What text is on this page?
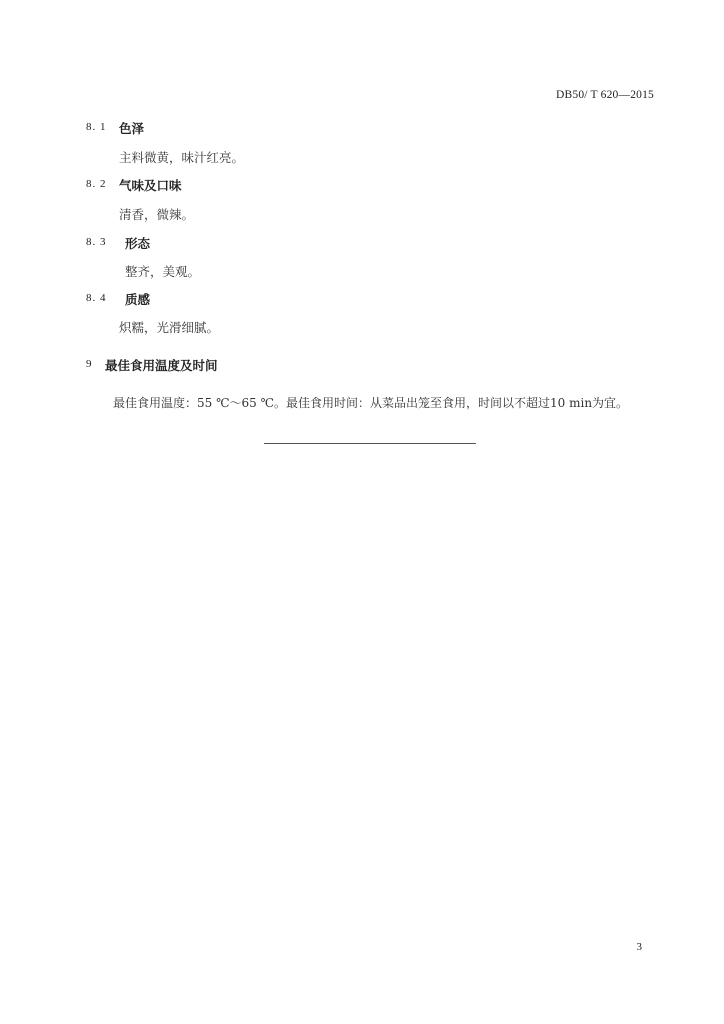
DB50/ T 620—2015
8. 1 色泽
主料微黄，味汁红亮。
8. 2 气味及口味
清香，微辣。
8. 3 形态
整齐，美观。
8. 4 质感
炽糯，光滑细腻。
9 最佳食用温度及时间
最佳食用温度：55 ℃～65 ℃。最佳食用时间：从菜品出笼至食用，时间以不超过10 min为宜。
3
